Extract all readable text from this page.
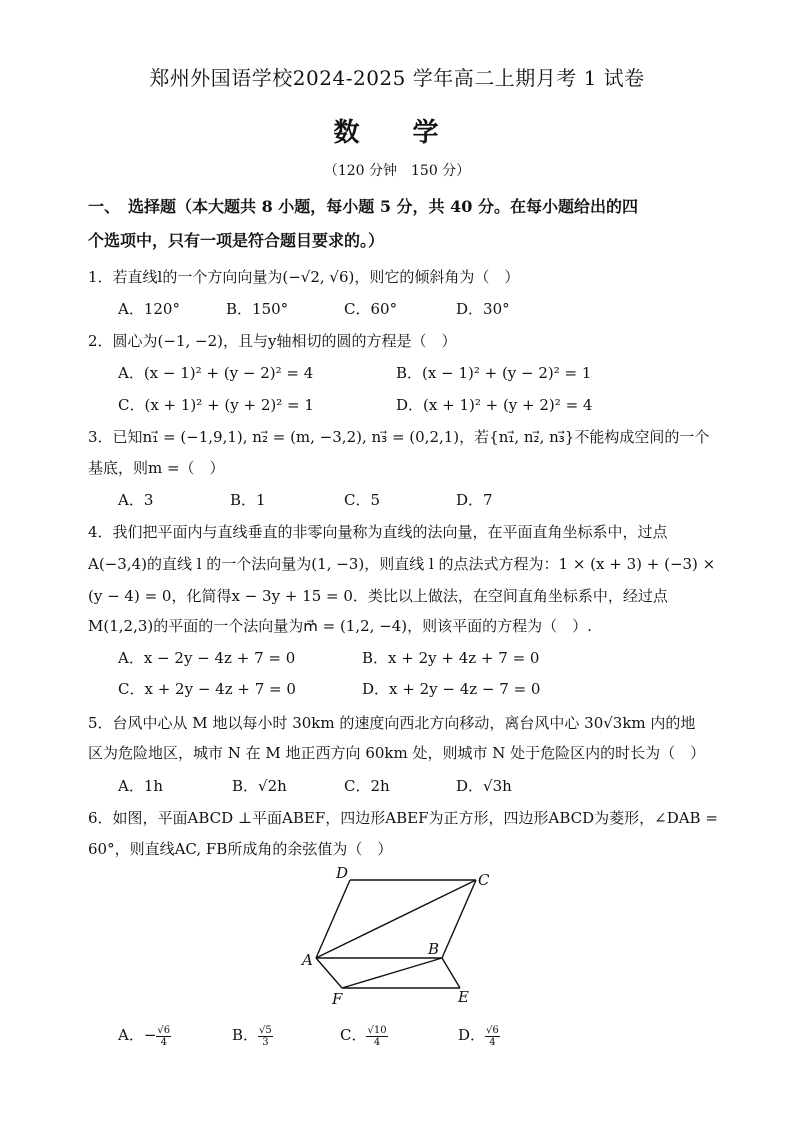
郑州外国语学校2024-2025 学年高二上期月考 1 试卷
数 学
（120 分钟　150 分）
一、　选择题（本大题共 8 小题，每小题 5 分，共 40 分。在每小题给出的四
个选项中，只有一项是符合题目要求的。）
1．若直线l的一个方向向量为(−√2, √6)，则它的倾斜角为（　）
A．120°	B．150°	C．60°	D．30°
2．圆心为(−1, −2)，且与y轴相切的圆的方程是（　）
A．(x − 1)² + (y − 2)² = 4	B．(x − 1)² + (y − 2)² = 1
C．(x + 1)² + (y + 2)² = 1	D．(x + 1)² + (y + 2)² = 4
3．已知n₁⃗ = (−1,9,1), n₂⃗ = (m, −3,2), n₃⃗ = (0,2,1)，若{n₁⃗, n₂⃗, n₃⃗}不能构成空间的一个
基底，则m =（　）
A．3	B．1	C．5	D．7
4．我们把平面内与直线垂直的非零向量称为直线的法向量，在平面直角坐标系中，过点
A(−3,4)的直线 l 的一个法向量为(1, −3)，则直线 l 的点法式方程为：1 × (x + 3) + (−3) ×
(y − 4) = 0，化简得x − 3y + 15 = 0．类比以上做法，在空间直角坐标系中，经过点
M(1,2,3)的平面的一个法向量为m⃗ = (1,2, −4)，则该平面的方程为（　）.
A．x − 2y − 4z + 7 = 0	B．x + 2y + 4z + 7 = 0
C．x + 2y − 4z + 7 = 0	D．x + 2y − 4z − 7 = 0
5．台风中心从 M 地以每小时 30km 的速度向西北方向移动，离台风中心 30√3km 内的地
区为危险地区，城市 N 在 M 地正西方向 60km 处，则城市 N 处于危险区内的时长为（　）
A．1h	B．√2h	C．2h	D．√3h
6．如图，平面ABCD ⊥平面ABEF，四边形ABEF为正方形，四边形ABCD为菱形，∠DAB =
60°，则直线AC, FB所成角的余弦值为（　）
D	C
A
B
F	E
A．− $\frac{√6}{4}$	B． $\frac{√5}{3}$	C． $\frac{√10}{4}$	D． $\frac{√6}{4}$
